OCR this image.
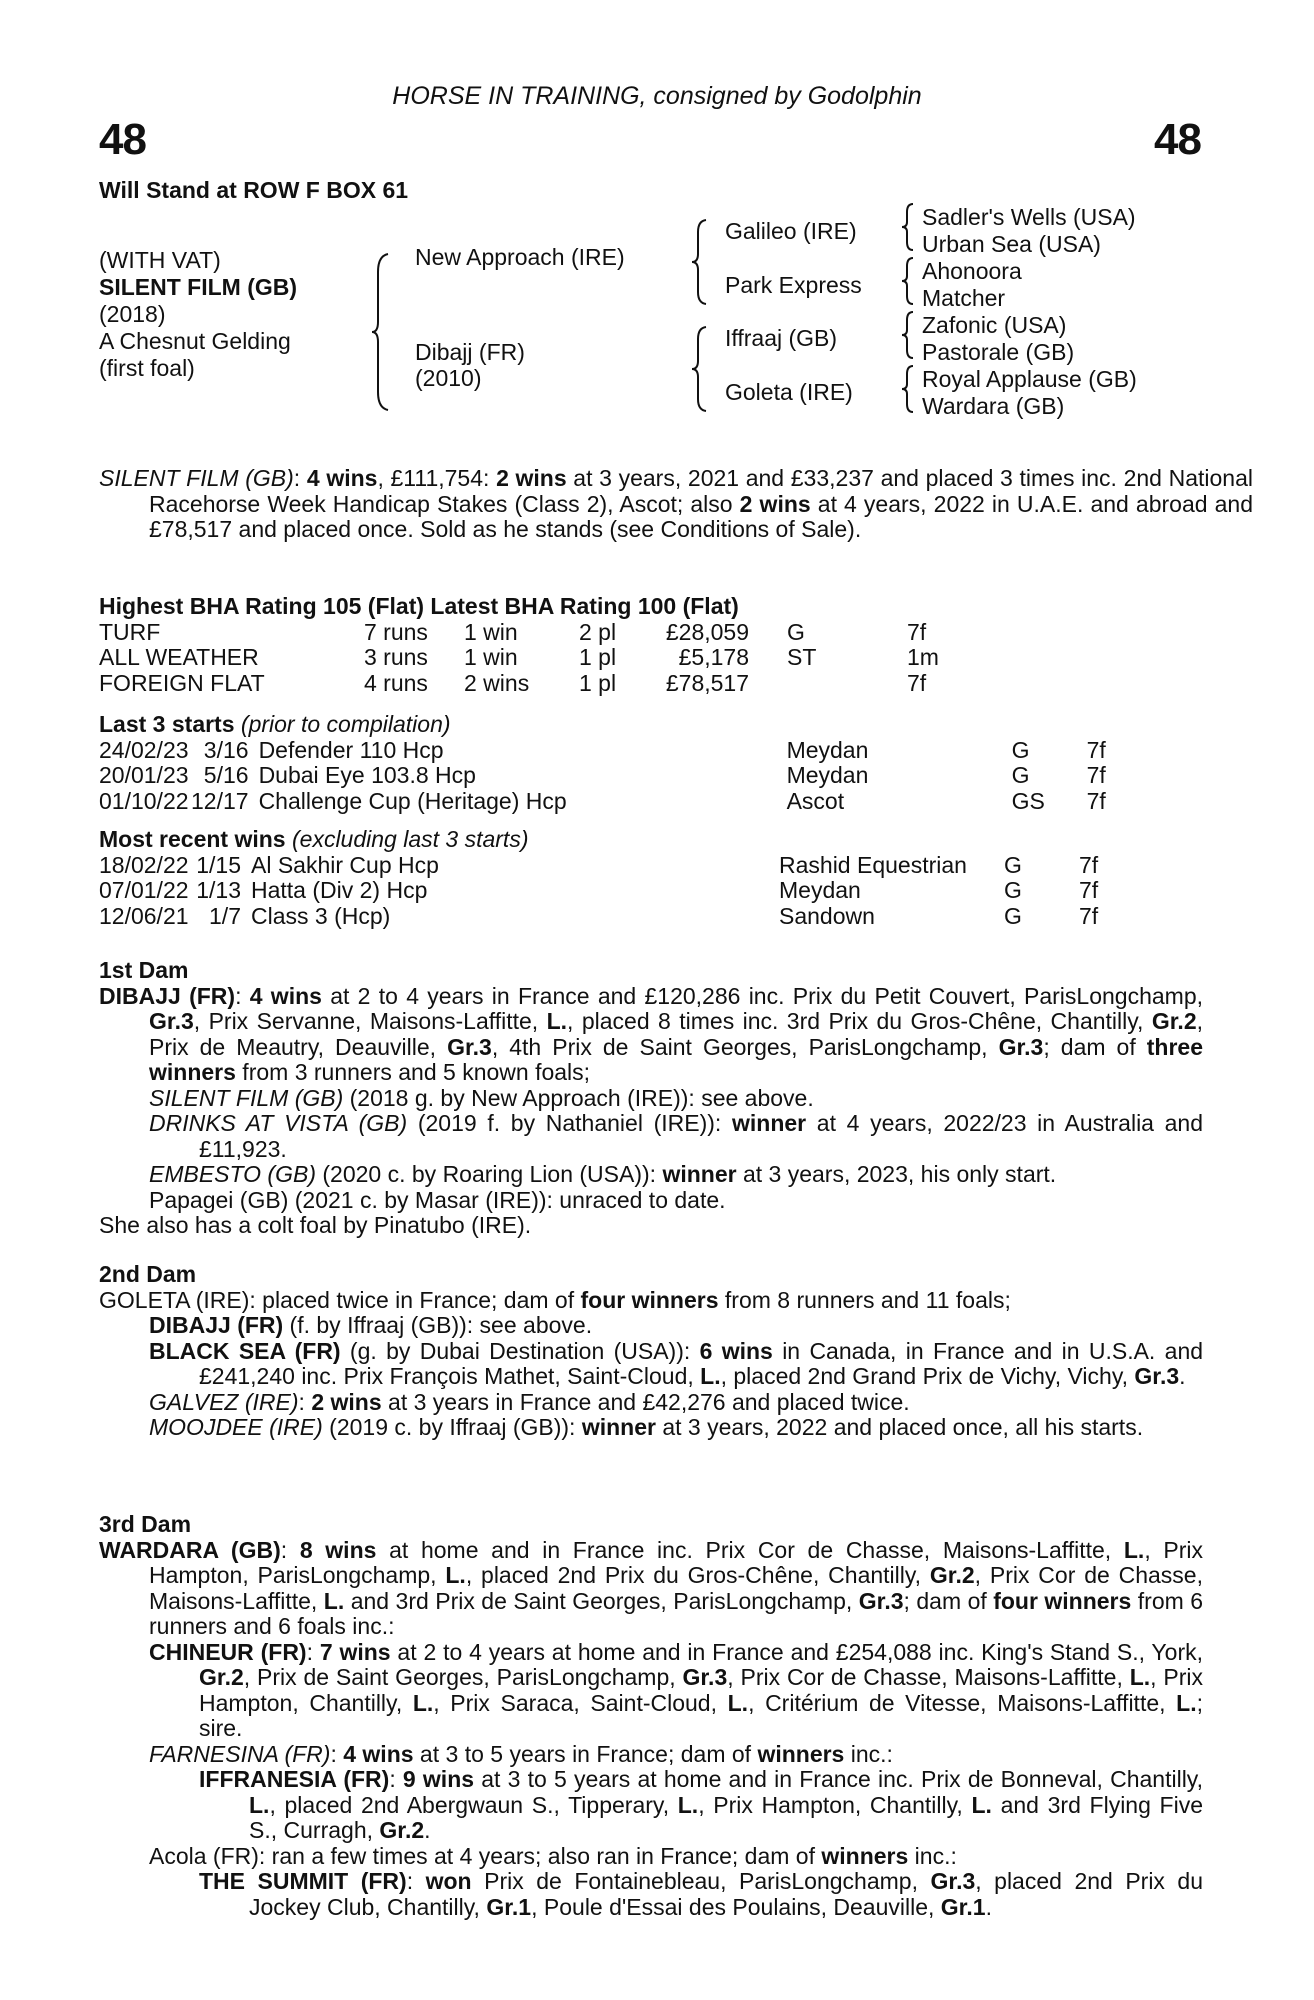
HORSE IN TRAINING, consigned by Godolphin
48	48
Will Stand at ROW F BOX 61
(WITH VAT)
SILENT FILM (GB)
(2018)
A Chesnut Gelding
(first foal)
New Approach (IRE)
Dibajj (FR)
(2010)
Galileo (IRE)
Park Express
Iffraaj (GB)
Goleta (IRE)
Sadler's Wells (USA)
Urban Sea (USA)
Ahonoora
Matcher
Zafonic (USA)
Pastorale (GB)
Royal Applause (GB)
Wardara (GB)
SILENT FILM (GB): 4 wins, £111,754: 2 wins at 3 years, 2021 and £33,237 and placed 3 times inc. 2nd National Racehorse Week Handicap Stakes (Class 2), Ascot; also 2 wins at 4 years, 2022 in U.A.E. and abroad and £78,517 and placed once. Sold as he stands (see Conditions of Sale).
Highest BHA Rating 105 (Flat) Latest BHA Rating 100 (Flat)
TURF	7 runs	1 win	2 pl	£28,059	G	7f
ALL WEATHER	3 runs	1 win	1 pl	£5,178	ST	1m
FOREIGN FLAT	4 runs	2 wins	1 pl	£78,517		7f
Last 3 starts (prior to compilation)
24/02/23	3/16	Defender 110 Hcp	Meydan	G	7f
20/01/23	5/16	Dubai Eye 103.8 Hcp	Meydan	G	7f
01/10/22	12/17	Challenge Cup (Heritage) Hcp	Ascot	GS	7f
Most recent wins (excluding last 3 starts)
18/02/22	1/15	Al Sakhir Cup Hcp	Rashid Equestrian	G	7f
07/01/22	1/13	Hatta (Div 2) Hcp	Meydan	G	7f
12/06/21	1/7	Class 3 (Hcp)	Sandown	G	7f
1st Dam

DIBAJJ (FR): 4 wins at 2 to 4 years in France and £120,286 inc. Prix du Petit Couvert, ParisLongchamp, Gr.3, Prix Servanne, Maisons-Laffitte, L., placed 8 times inc. 3rd Prix du Gros-Chêne, Chantilly, Gr.2, Prix de Meautry, Deauville, Gr.3, 4th Prix de Saint Georges, ParisLongchamp, Gr.3; dam of three winners from 3 runners and 5 known foals;

SILENT FILM (GB) (2018 g. by New Approach (IRE)): see above.

DRINKS AT VISTA (GB) (2019 f. by Nathaniel (IRE)): winner at 4 years, 2022/23 in Australia and £11,923.

EMBESTO (GB) (2020 c. by Roaring Lion (USA)): winner at 3 years, 2023, his only start.

Papagei (GB) (2021 c. by Masar (IRE)): unraced to date.

She also has a colt foal by Pinatubo (IRE).

2nd Dam

GOLETA (IRE): placed twice in France; dam of four winners from 8 runners and 11 foals;

DIBAJJ (FR) (f. by Iffraaj (GB)): see above.

BLACK SEA (FR) (g. by Dubai Destination (USA)): 6 wins in Canada, in France and in U.S.A. and £241,240 inc. Prix François Mathet, Saint-Cloud, L., placed 2nd Grand Prix de Vichy, Vichy, Gr.3.

GALVEZ (IRE): 2 wins at 3 years in France and £42,276 and placed twice.

MOOJDEE (IRE) (2019 c. by Iffraaj (GB)): winner at 3 years, 2022 and placed once, all his starts.

3rd Dam

WARDARA (GB): 8 wins at home and in France inc. Prix Cor de Chasse, Maisons-Laffitte, L., Prix Hampton, ParisLongchamp, L., placed 2nd Prix du Gros-Chêne, Chantilly, Gr.2, Prix Cor de Chasse, Maisons-Laffitte, L. and 3rd Prix de Saint Georges, ParisLongchamp, Gr.3; dam of four winners from 6 runners and 6 foals inc.:

CHINEUR (FR): 7 wins at 2 to 4 years at home and in France and £254,088 inc. King's Stand S., York, Gr.2, Prix de Saint Georges, ParisLongchamp, Gr.3, Prix Cor de Chasse, Maisons-Laffitte, L., Prix Hampton, Chantilly, L., Prix Saraca, Saint-Cloud, L., Critérium de Vitesse, Maisons-Laffitte, L.; sire.

FARNESINA (FR): 4 wins at 3 to 5 years in France; dam of winners inc.:

IFFRANESIA (FR): 9 wins at 3 to 5 years at home and in France inc. Prix de Bonneval, Chantilly, L., placed 2nd Abergwaun S., Tipperary, L., Prix Hampton, Chantilly, L. and 3rd Flying Five S., Curragh, Gr.2.

Acola (FR): ran a few times at 4 years; also ran in France; dam of winners inc.:

THE SUMMIT (FR): won Prix de Fontainebleau, ParisLongchamp, Gr.3, placed 2nd Prix du Jockey Club, Chantilly, Gr.1, Poule d'Essai des Poulains, Deauville, Gr.1.
